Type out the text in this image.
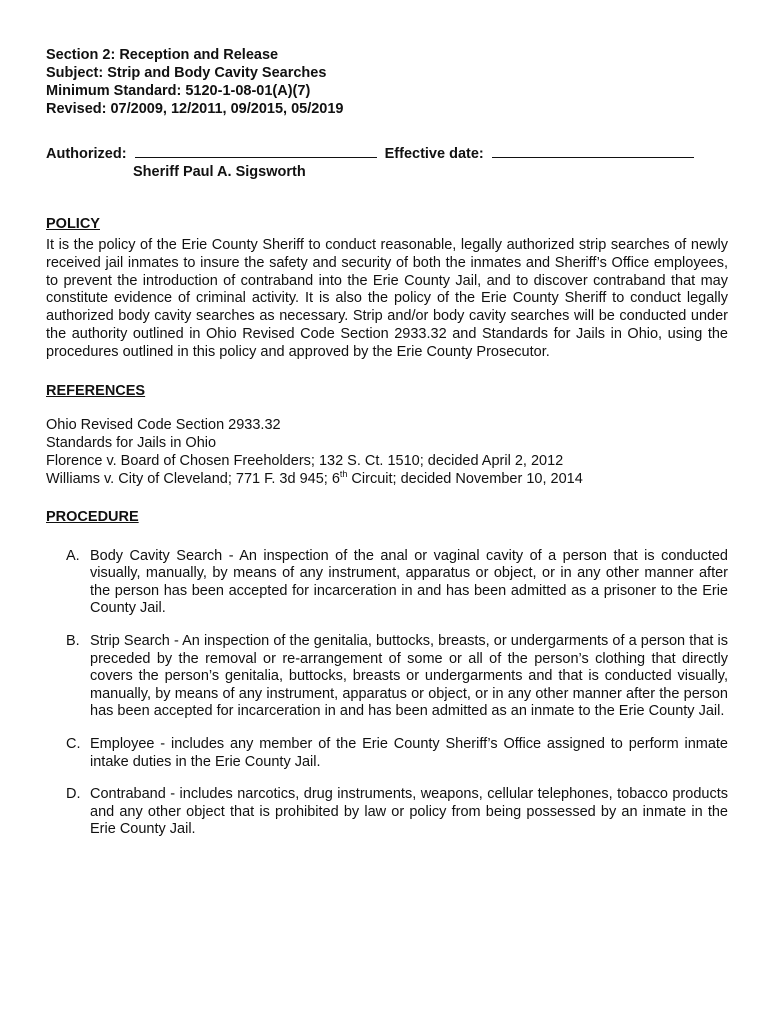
Section 2: Reception and Release

Subject: Strip and Body Cavity Searches

Minimum Standard: 5120-1-08-01(A)(7)

Revised: 07/2009, 12/2011, 09/2015, 05/2019

Authorized:	Effective date:
Sheriff Paul A. Sigsworth

POLICY

It is the policy of the Erie County Sheriff to conduct reasonable, legally authorized strip searches of newly received jail inmates to insure the safety and security of both the inmates and Sheriff’s Office employees, to prevent the introduction of contraband into the Erie County Jail, and to discover contraband that may constitute evidence of criminal activity. It is also the policy of the Erie County Sheriff to conduct legally authorized body cavity searches as necessary. Strip and/or body cavity searches will be conducted under the authority outlined in Ohio Revised Code Section 2933.32 and Standards for Jails in Ohio, using the procedures outlined in this policy and approved by the Erie County Prosecutor.

REFERENCES

Ohio Revised Code Section 2933.32
Standards for Jails in Ohio
Florence v. Board of Chosen Freeholders; 132 S. Ct. 1510; decided April 2, 2012
Williams v. City of Cleveland; 771 F. 3d 945; 6th Circuit; decided November 10, 2014

PROCEDURE

A. Body Cavity Search - An inspection of the anal or vaginal cavity of a person that is conducted visually, manually, by means of any instrument, apparatus or object, or in any other manner after the person has been accepted for incarceration in and has been admitted as a prisoner to the Erie County Jail.
B. Strip Search - An inspection of the genitalia, buttocks, breasts, or undergarments of a person that is preceded by the removal or re-arrangement of some or all of the person’s clothing that directly covers the person’s genitalia, buttocks, breasts or undergarments and that is conducted visually, manually, by means of any instrument, apparatus or object, or in any other manner after the person has been accepted for incarceration in and has been admitted as an inmate to the Erie County Jail.
C. Employee - includes any member of the Erie County Sheriff’s Office assigned to perform inmate intake duties in the Erie County Jail.
D. Contraband - includes narcotics, drug instruments, weapons, cellular telephones, tobacco products and any other object that is prohibited by law or policy from being possessed by an inmate in the Erie County Jail.
